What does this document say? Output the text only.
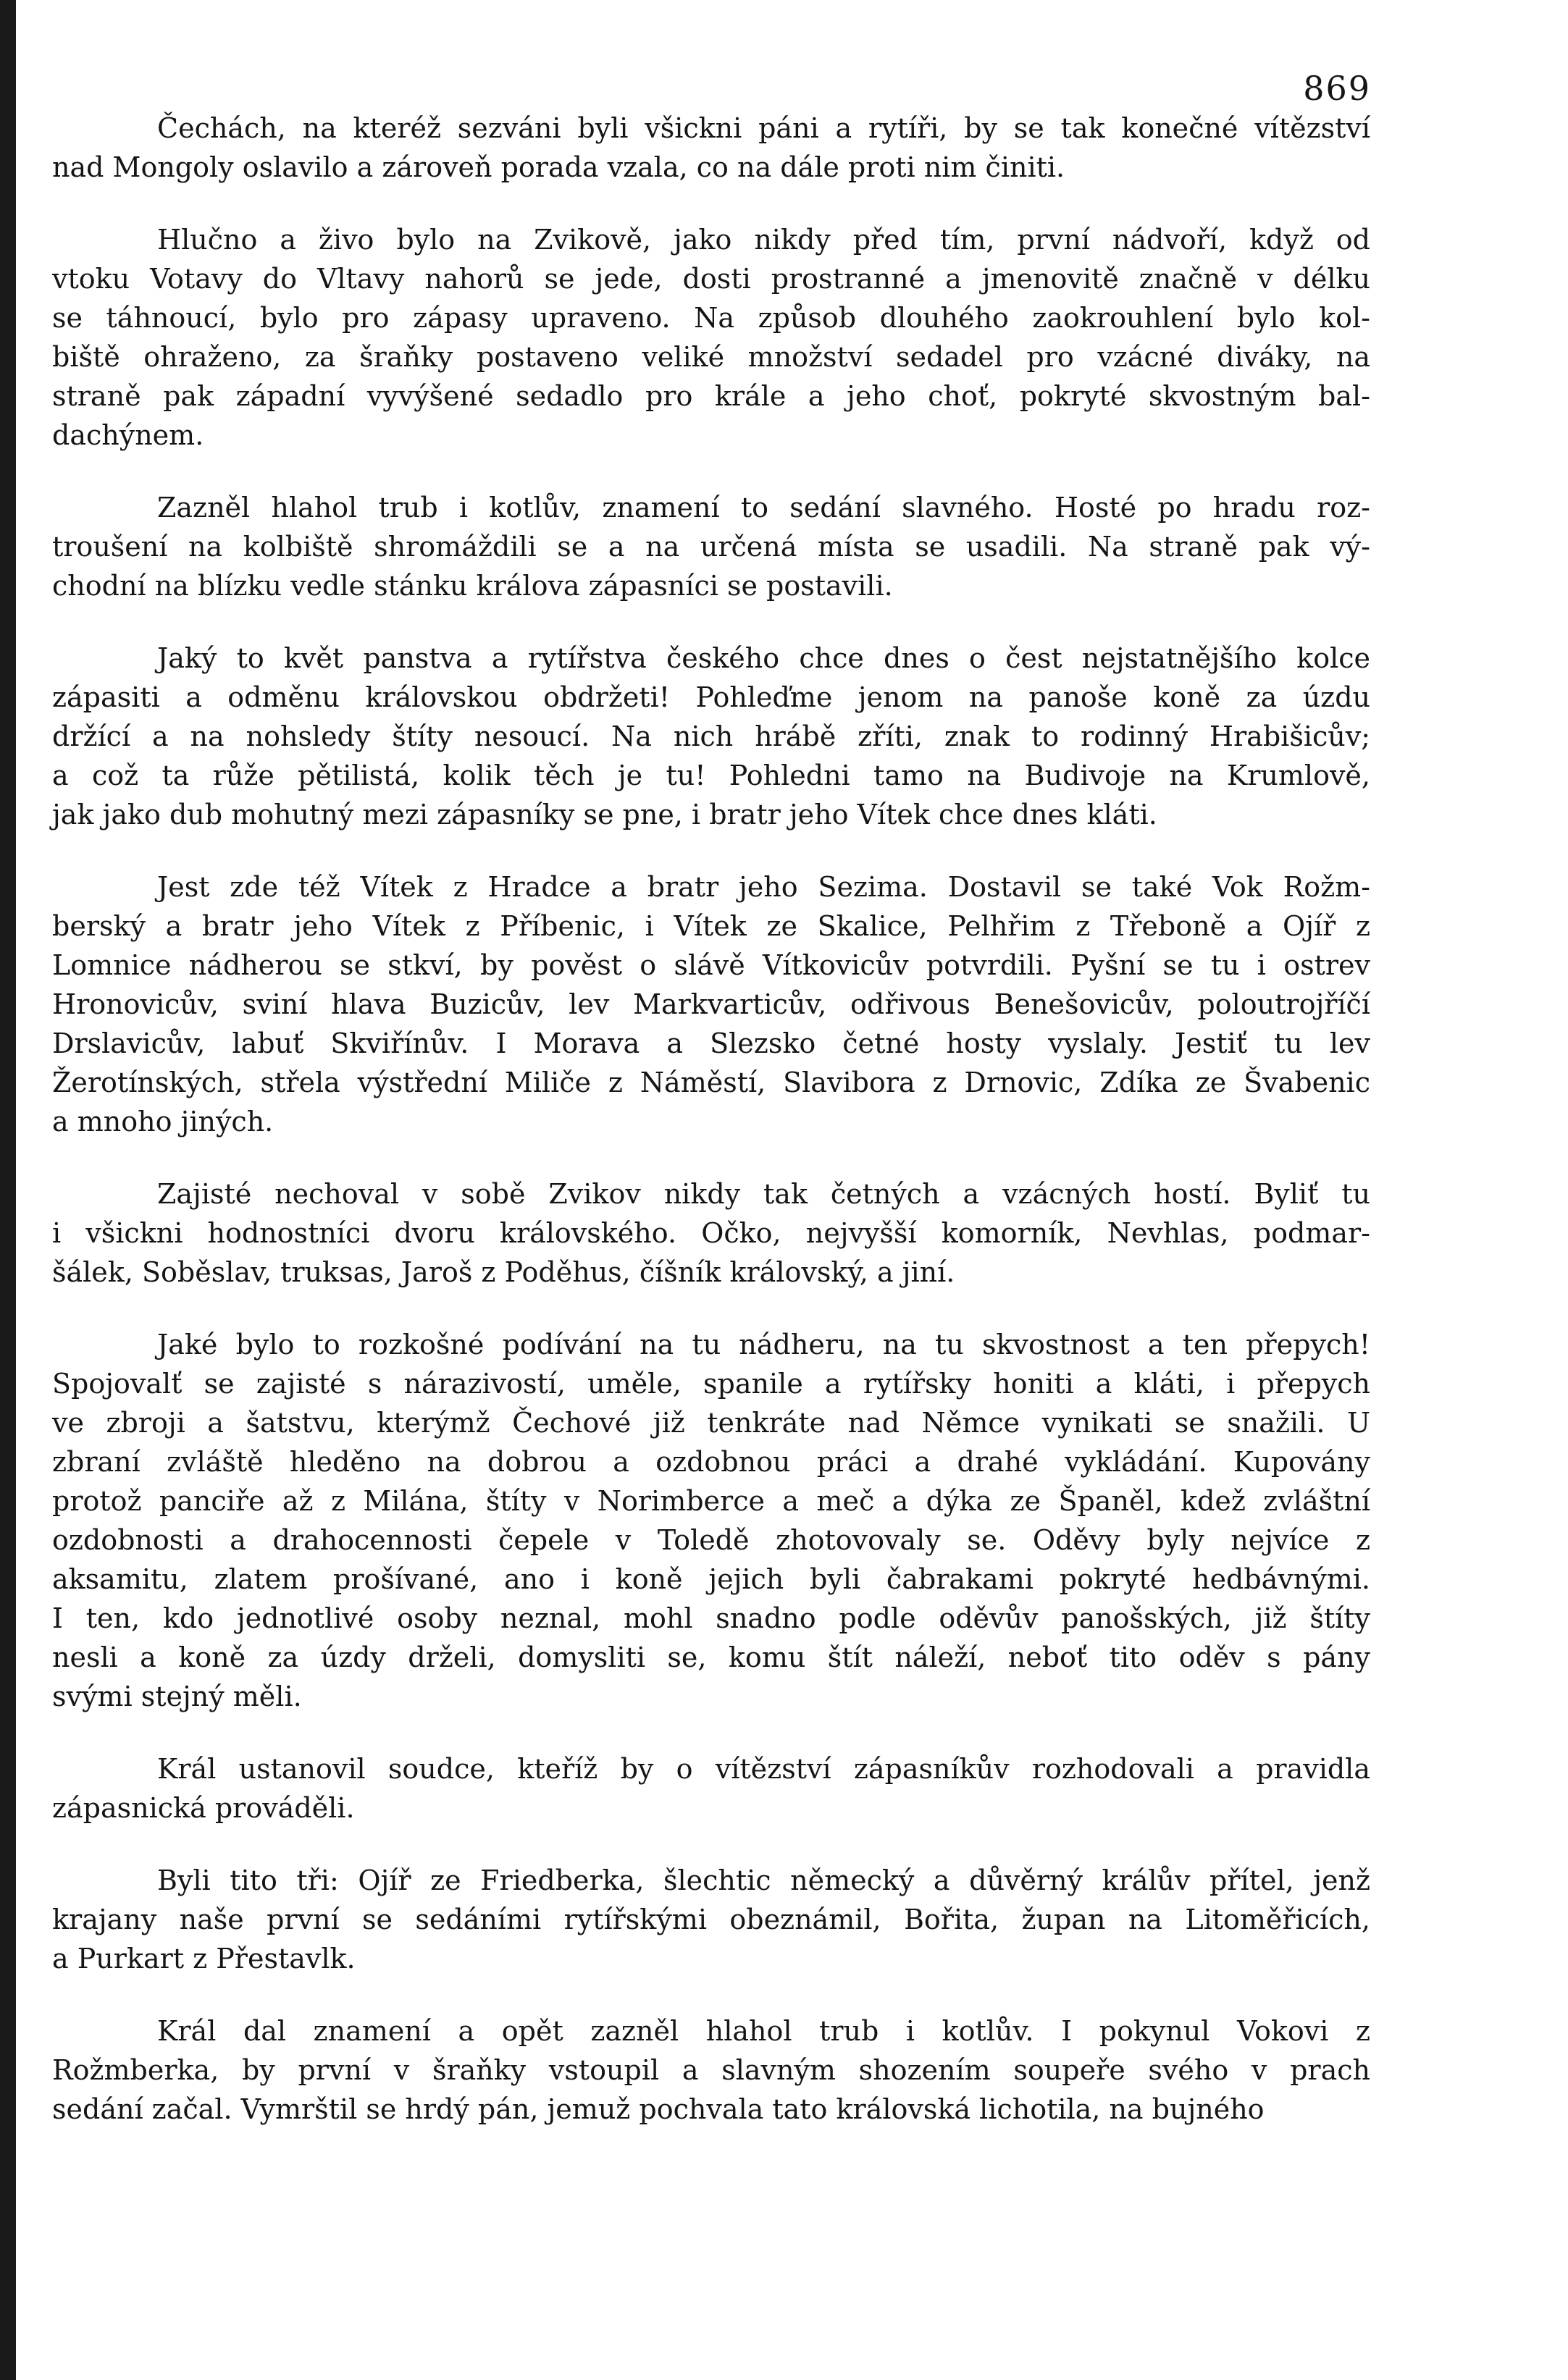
869
Čechách, na kteréž sezváni byli všickni páni a rytíři, by se tak konečné vítězství
nad Mongoly oslavilo a zároveň porada vzala, co na dále proti nim činiti.
Hlučno a živo bylo na Zvikově, jako nikdy před tím, první nádvoří, když od
vtoku Votavy do Vltavy nahorů se jede, dosti prostranné a jmenovitě značně v délku
se táhnoucí, bylo pro zápasy upraveno. Na způsob dlouhého zaokrouhlení bylo kol-
biště ohraženo, za šraňky postaveno veliké množství sedadel pro vzácné diváky, na
straně pak západní vyvýšené sedadlo pro krále a jeho choť, pokryté skvostným bal-
dachýnem.
Zazněl hlahol trub i kotlův, znamení to sedání slavného. Hosté po hradu roz-
troušení na kolbiště shromáždili se a na určená místa se usadili. Na straně pak vý-
chodní na blízku vedle stánku králova zápasníci se postavili.
Jaký to květ panstva a rytířstva českého chce dnes o čest nejstatnějšího kolce
zápasiti a odměnu královskou obdržeti! Pohleďme jenom na panoše koně za úzdu
držící a na nohsledy štíty nesoucí. Na nich hrábě zříti, znak to rodinný Hrabišicův;
a což ta růže pětilistá, kolik těch je tu! Pohledni tamo na Budivoje na Krumlově,
jak jako dub mohutný mezi zápasníky se pne, i bratr jeho Vítek chce dnes kláti.
Jest zde též Vítek z Hradce a bratr jeho Sezima. Dostavil se také Vok Rožm-
berský a bratr jeho Vítek z Příbenic, i Vítek ze Skalice, Pelhřim z Třeboně a Ojíř z
Lomnice nádherou se stkví, by pověst o slávě Vítkovicův potvrdili. Pyšní se tu i ostrev
Hronovicův, sviní hlava Buzicův, lev Markvarticův, odřivous Benešovicův, poloutrojříčí
Drslavicův, labuť Skviřínův. I Morava a Slezsko četné hosty vyslaly. Jestiť tu lev
Žerotínských, střela výstřední Miliče z Náměstí, Slavibora z Drnovic, Zdíka ze Švabenic
a mnoho jiných.
Zajisté nechoval v sobě Zvikov nikdy tak četných a vzácných hostí. Byliť tu
i všickni hodnostníci dvoru královského. Očko, nejvyšší komorník, Nevhlas, podmar-
šálek, Soběslav, truksas, Jaroš z Poděhus, číšník královský, a jiní.
Jaké bylo to rozkošné podívání na tu nádheru, na tu skvostnost a ten přepych!
Spojovalť se zajisté s nárazivostí, uměle, spanile a rytířsky honiti a kláti, i přepych
ve zbroji a šatstvu, kterýmž Čechové již tenkráte nad Němce vynikati se snažili. U
zbraní zvláště hleděno na dobrou a ozdobnou práci a drahé vykládání. Kupovány
protož panciře až z Milána, štíty v Norimberce a meč a dýka ze Španěl, kdež zvláštní
ozdobnosti a drahocennosti čepele v Toledě zhotovovaly se. Oděvy byly nejvíce z
aksamitu, zlatem prošívané, ano i koně jejich byli čabrakami pokryté hedbávnými.
I ten, kdo jednotlivé osoby neznal, mohl snadno podle oděvův panošských, již štíty
nesli a koně za úzdy drželi, domysliti se, komu štít náleží, neboť tito oděv s pány
svými stejný měli.
Král ustanovil soudce, kteříž by o vítězství zápasníkův rozhodovali a pravidla
zápasnická prováděli.
Byli tito tři: Ojíř ze Friedberka, šlechtic německý a důvěrný králův přítel, jenž
krajany naše první se sedáními rytířskými obeznámil, Bořita, župan na Litoměřicích,
a Purkart z Přestavlk.
Král dal znamení a opět zazněl hlahol trub i kotlův. I pokynul Vokovi z
Rožmberka, by první v šraňky vstoupil a slavným shozením soupeře svého v prach
sedání začal. Vymrštil se hrdý pán, jemuž pochvala tato královská lichotila, na bujného
